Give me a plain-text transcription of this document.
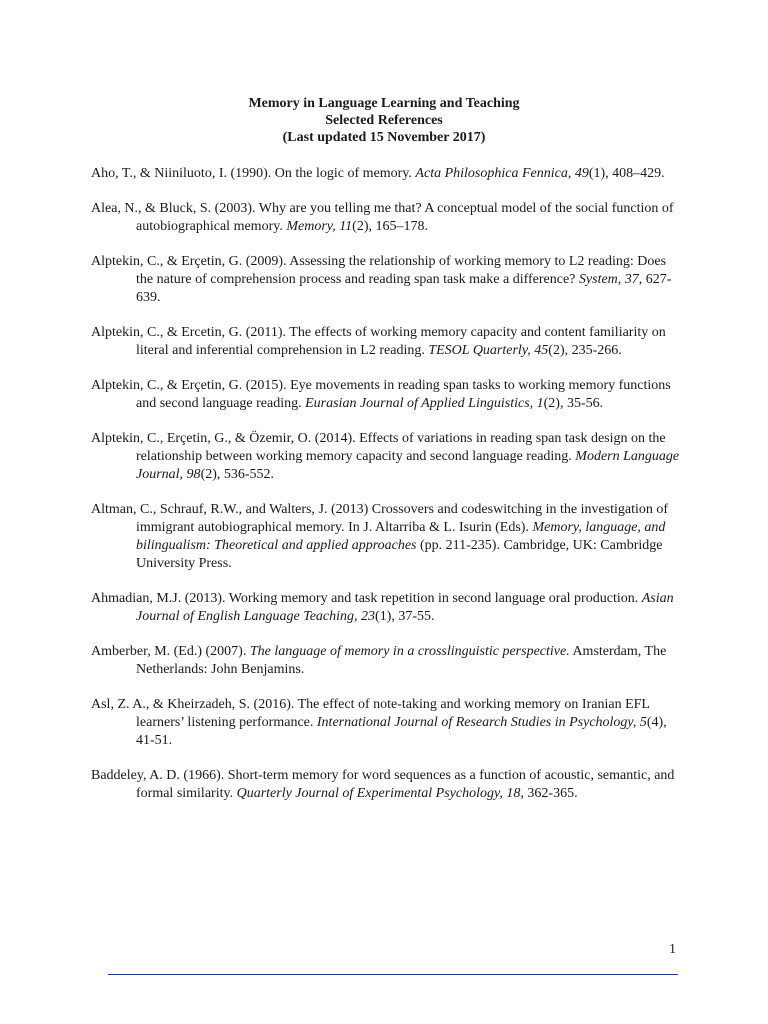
Memory in Language Learning and Teaching
Selected References
(Last updated 15 November 2017)

Aho, T., & Niiniluoto, I. (1990). On the logic of memory. Acta Philosophica Fennica, 49(1), 408–429.

Alea, N., & Bluck, S. (2003). Why are you telling me that? A conceptual model of the social function of autobiographical memory. Memory, 11(2), 165–178.

Alptekin, C., & Erçetin, G. (2009). Assessing the relationship of working memory to L2 reading: Does the nature of comprehension process and reading span task make a difference? System, 37, 627-639.

Alptekin, C., & Ercetin, G. (2011). The effects of working memory capacity and content familiarity on literal and inferential comprehension in L2 reading. TESOL Quarterly, 45(2), 235-266.

Alptekin, C., & Erçetin, G. (2015). Eye movements in reading span tasks to working memory functions and second language reading. Eurasian Journal of Applied Linguistics, 1(2), 35-56.

Alptekin, C., Erçetin, G., & Özemir, O. (2014). Effects of variations in reading span task design on the relationship between working memory capacity and second language reading. Modern Language Journal, 98(2), 536-552.

Altman, C., Schrauf, R.W., and Walters, J. (2013) Crossovers and codeswitching in the investigation of immigrant autobiographical memory. In J. Altarriba & L. Isurin (Eds). Memory, language, and bilingualism: Theoretical and applied approaches (pp. 211-235). Cambridge, UK: Cambridge University Press.

Ahmadian, M.J. (2013). Working memory and task repetition in second language oral production. Asian Journal of English Language Teaching, 23(1), 37-55.

Amberber, M. (Ed.) (2007). The language of memory in a crosslinguistic perspective. Amsterdam, The Netherlands: John Benjamins.

Asl, Z. A., & Kheirzadeh, S. (2016). The effect of note-taking and working memory on Iranian EFL learners’ listening performance. International Journal of Research Studies in Psychology, 5(4), 41-51.

Baddeley, A. D. (1966). Short-term memory for word sequences as a function of acoustic, semantic, and formal similarity. Quarterly Journal of Experimental Psychology, 18, 362-365.

1
